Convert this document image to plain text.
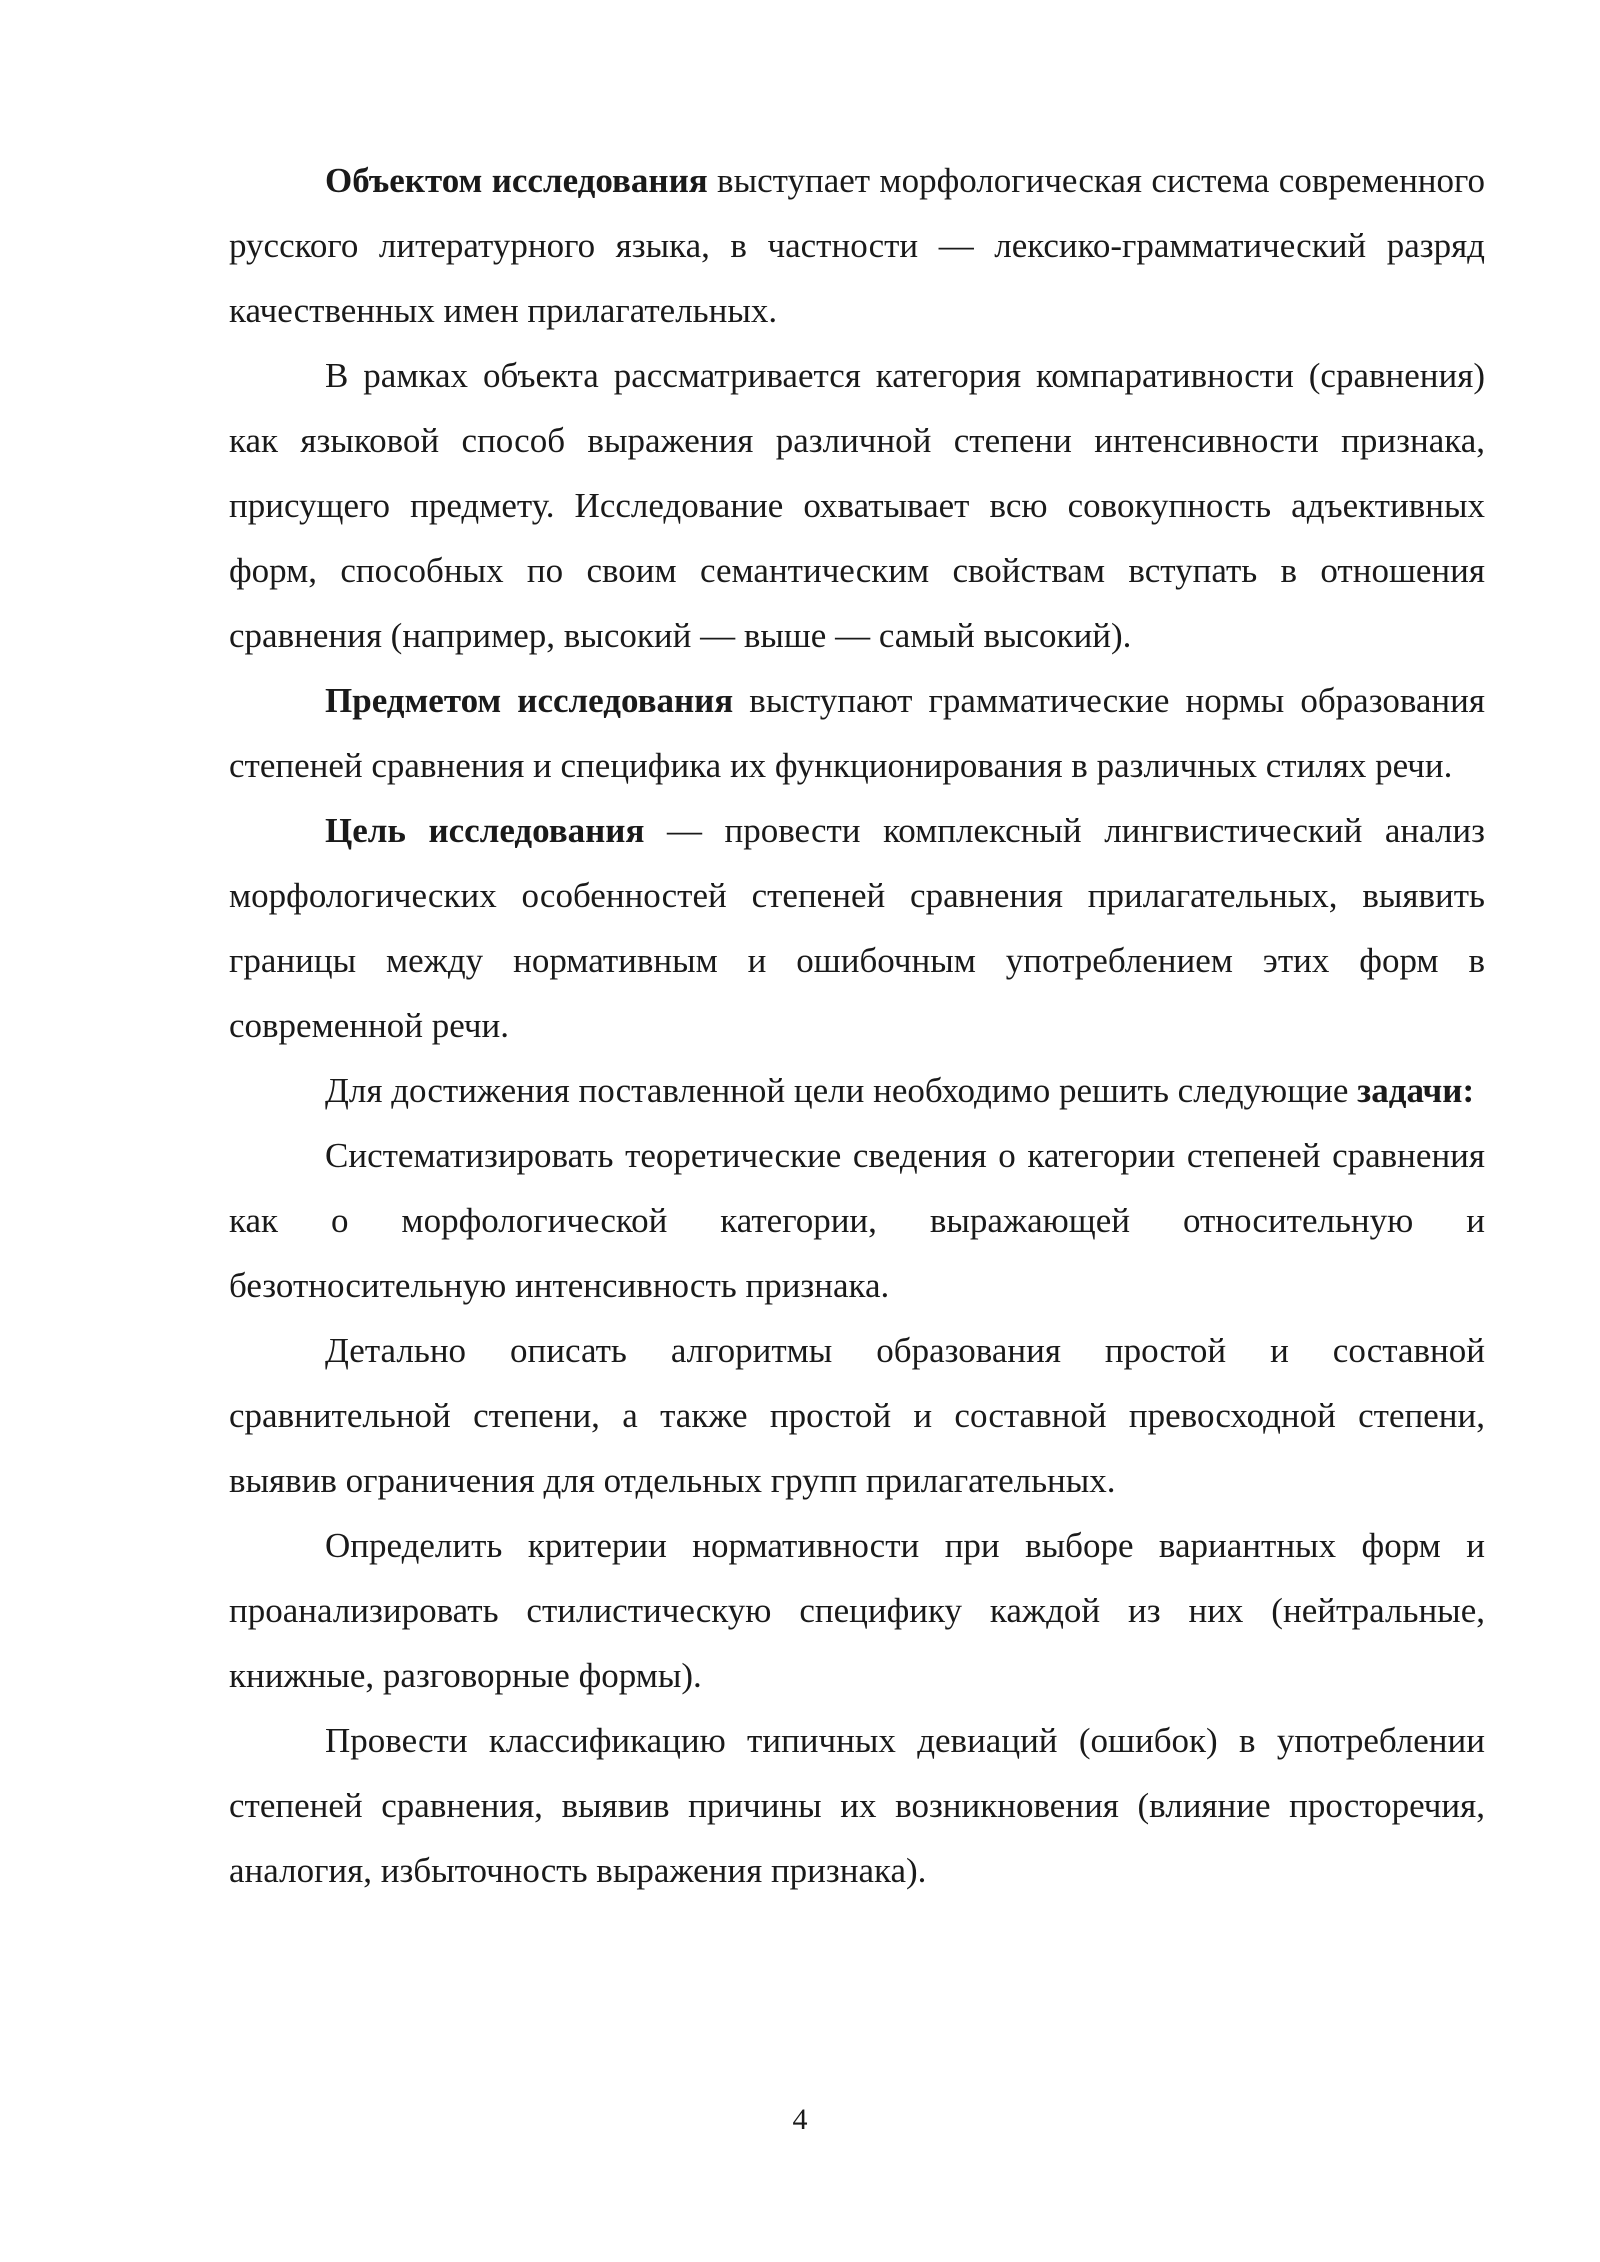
Объектом исследования выступает морфологическая система современного русского литературного языка, в частности — лексико-грамматический разряд качественных имен прилагательных.

В рамках объекта рассматривается категория компаративности (сравнения) как языковой способ выражения различной степени интенсивности признака, присущего предмету. Исследование охватывает всю совокупность адъективных форм, способных по своим семантическим свойствам вступать в отношения сравнения (например, высокий — выше — самый высокий).

Предметом исследования выступают грамматические нормы образования степеней сравнения и специфика их функционирования в различных стилях речи.

Цель исследования — провести комплексный лингвистический анализ морфологических особенностей степеней сравнения прилагательных, выявить границы между нормативным и ошибочным употреблением этих форм в современной речи.

Для достижения поставленной цели необходимо решить следующие задачи:

Систематизировать теоретические сведения о категории степеней сравнения как о морфологической категории, выражающей относительную и безотносительную интенсивность признака.

Детально описать алгоритмы образования простой и составной сравнительной степени, а также простой и составной превосходной степени, выявив ограничения для отдельных групп прилагательных.

Определить критерии нормативности при выборе вариантных форм и проанализировать стилистическую специфику каждой из них (нейтральные, книжные, разговорные формы).

Провести классификацию типичных девиаций (ошибок) в употреблении степеней сравнения, выявив причины их возникновения (влияние просторечия, аналогия, избыточность выражения признака).

4
